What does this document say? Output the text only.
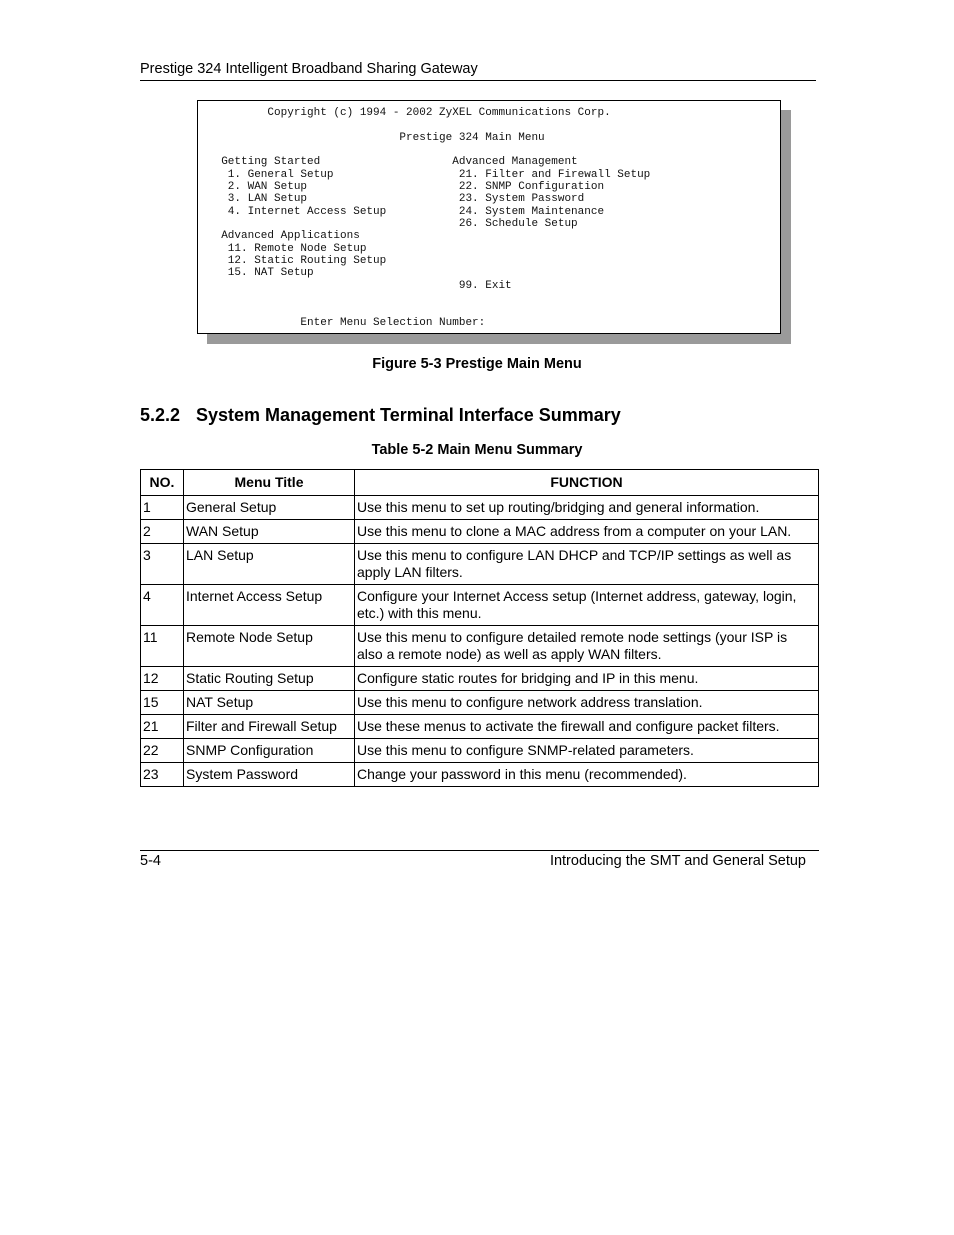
Prestige 324 Intelligent Broadband Sharing Gateway
Copyright (c) 1994 - 2002 ZyXEL Communications Corp.

Prestige 324 Main Menu

Getting Started                    Advanced Management
1. General Setup                   21. Filter and Firewall Setup
2. WAN Setup                       22. SNMP Configuration
3. LAN Setup                       23. System Password
4. Internet Access Setup           24. System Maintenance
26. Schedule Setup
Advanced Applications
11. Remote Node Setup
12. Static Routing Setup
15. NAT Setup
99. Exit

Enter Menu Selection Number:
Figure 5-3 Prestige Main Menu
5.2.2 System Management Terminal Interface Summary
Table 5-2 Main Menu Summary
NO.	Menu Title	FUNCTION
1	General Setup	Use this menu to set up routing/bridging and general information.
2	WAN Setup	Use this menu to clone a MAC address from a computer on your LAN.
3	LAN Setup	Use this menu to configure LAN DHCP and TCP/IP settings as well as apply LAN filters.
4	Internet Access Setup	Configure your Internet Access setup (Internet address, gateway, login, etc.) with this menu.
11	Remote Node Setup	Use this menu to configure detailed remote node settings (your ISP is also a remote node) as well as apply WAN filters.
12	Static Routing Setup	Configure static routes for bridging and IP in this menu.
15	NAT Setup	Use this menu to configure network address translation.
21	Filter and Firewall Setup	Use these menus to activate the firewall and configure packet filters.
22	SNMP Configuration	Use this menu to configure SNMP-related parameters.
23	System Password	Change your password in this menu (recommended).
5-4	Introducing the SMT and General Setup
